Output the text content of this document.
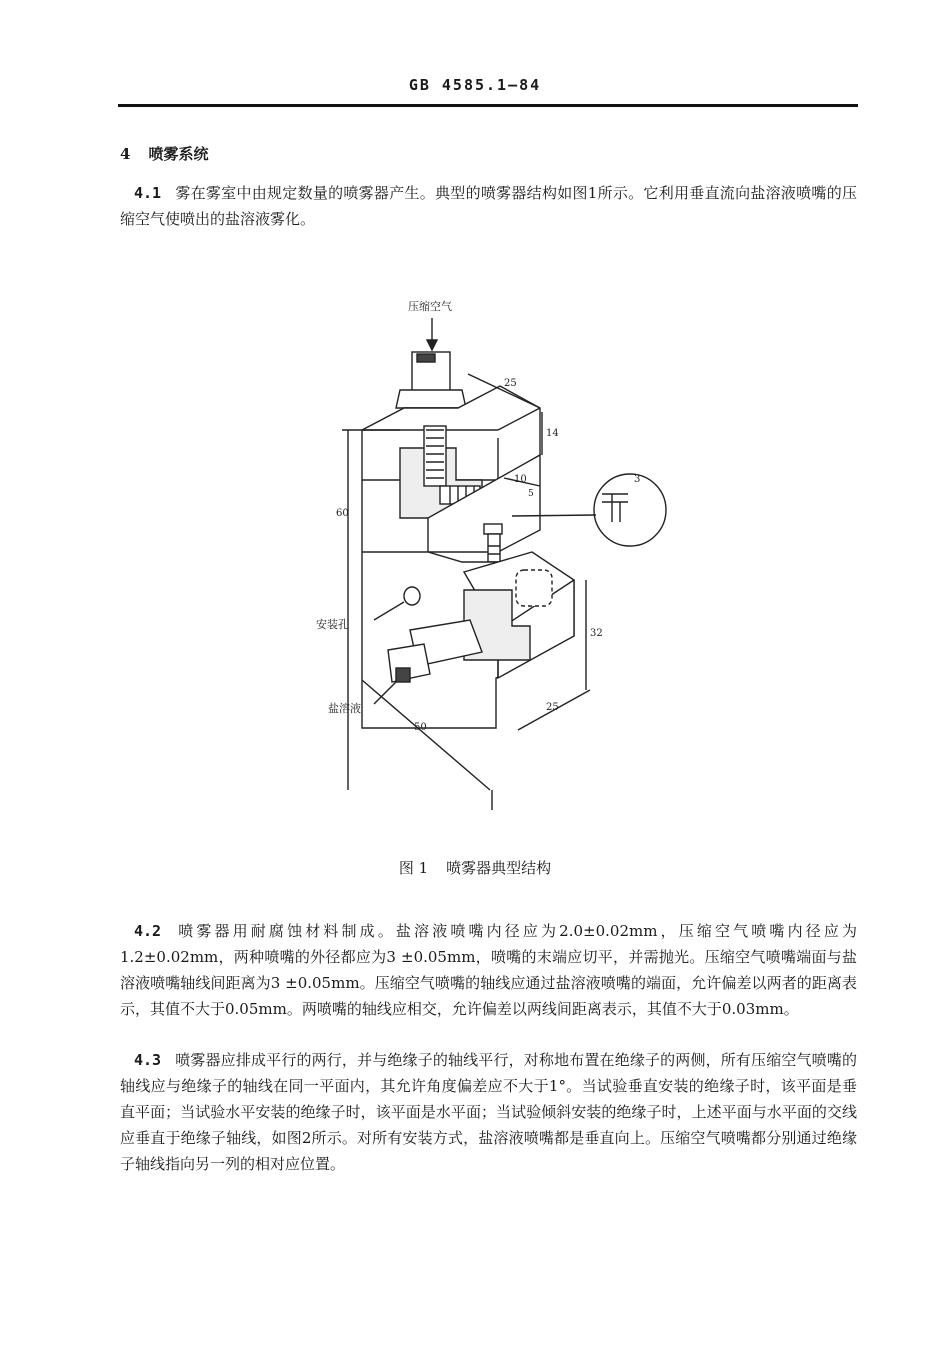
GB 4585.1—84
4 喷雾系统
4.1 雾在雾室中由规定数量的喷雾器产生。典型的喷雾器结构如图1所示。它利用垂直流向盐溶液喷嘴的压缩空气使喷出的盐溶液雾化。
压缩空气
安装孔
盐溶液
25
14
10
5
3
60
32
25
50
图 1 喷雾器典型结构
4.2 喷雾器用耐腐蚀材料制成。盐溶液喷嘴内径应为2.0±0.02mm，压缩空气喷嘴内径应为1.2±0.02mm，两种喷嘴的外径都应为3 ±0.05mm，喷嘴的末端应切平，并需抛光。压缩空气喷嘴端面与盐溶液喷嘴轴线间距离为3 ±0.05mm。压缩空气喷嘴的轴线应通过盐溶液喷嘴的端面，允许偏差以两者的距离表示，其值不大于0.05mm。两喷嘴的轴线应相交，允许偏差以两线间距离表示，其值不大于0.03mm。
4.3 喷雾器应排成平行的两行，并与绝缘子的轴线平行，对称地布置在绝缘子的两侧，所有压缩空气喷嘴的轴线应与绝缘子的轴线在同一平面内，其允许角度偏差应不大于1°。当试验垂直安装的绝缘子时，该平面是垂直平面；当试验水平安装的绝缘子时，该平面是水平面；当试验倾斜安装的绝缘子时，上述平面与水平面的交线应垂直于绝缘子轴线，如图2所示。对所有安装方式，盐溶液喷嘴都是垂直向上。压缩空气喷嘴都分别通过绝缘子轴线指向另一列的相对应位置。
